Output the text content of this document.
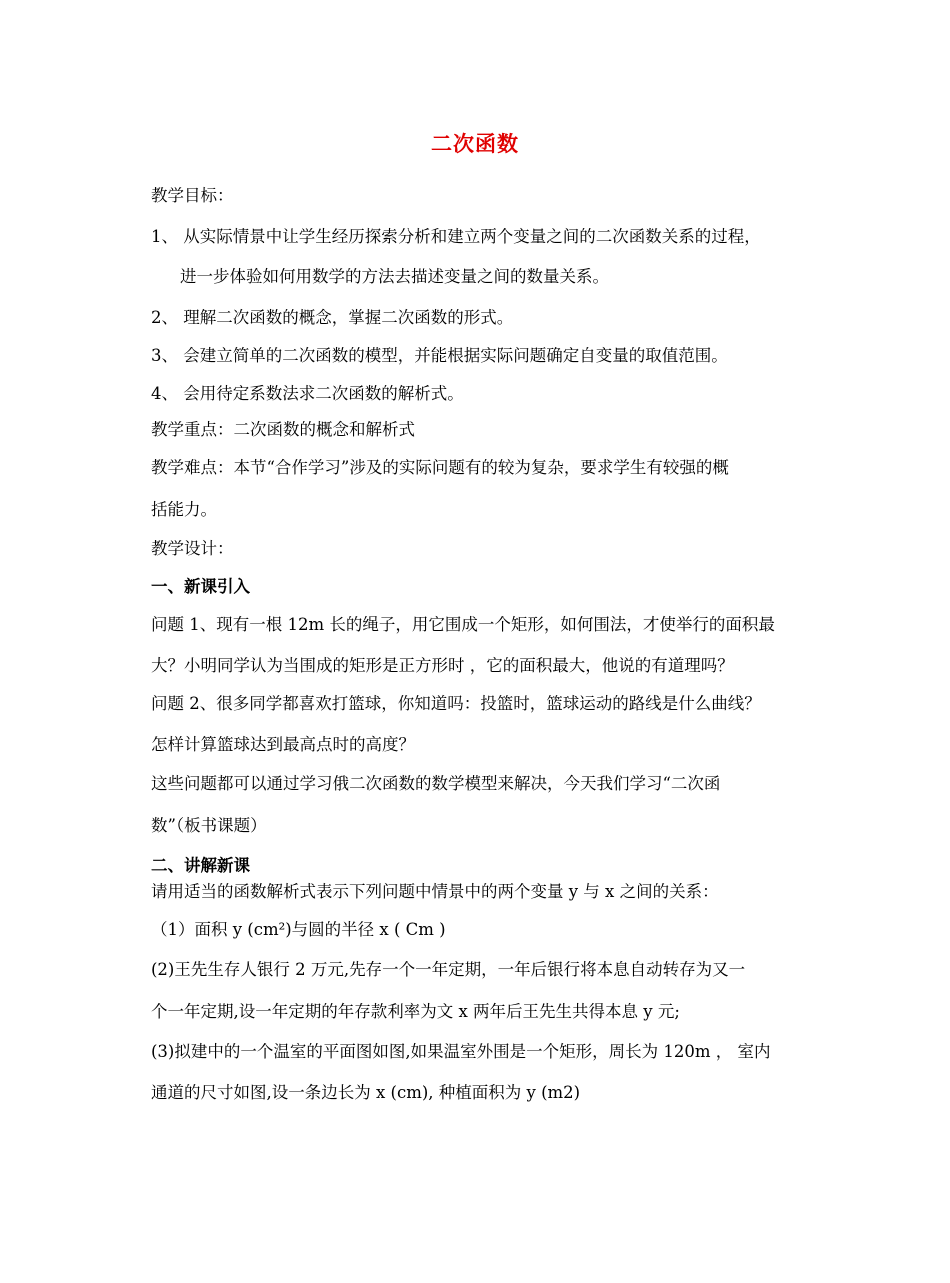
二次函数
教学目标：
1、 从实际情景中让学生经历探索分析和建立两个变量之间的二次函数关系的过程，
进一步体验如何用数学的方法去描述变量之间的数量关系。
2、 理解二次函数的概念，掌握二次函数的形式。
3、 会建立简单的二次函数的模型，并能根据实际问题确定自变量的取值范围。
4、 会用待定系数法求二次函数的解析式。
教学重点：二次函数的概念和解析式
教学难点：本节“合作学习”涉及的实际问题有的较为复杂，要求学生有较强的概
括能力。
教学设计：
一、新课引入
问题 1、现有一根 12m 长的绳子，用它围成一个矩形，如何围法，才使举行的面积最
大？小明同学认为当围成的矩形是正方形时 ，它的面积最大，他说的有道理吗？
问题 2、很多同学都喜欢打篮球，你知道吗：投篮时，篮球运动的路线是什么曲线？
怎样计算篮球达到最高点时的高度？
这些问题都可以通过学习俄二次函数的数学模型来解决，今天我们学习“二次函
数”（板书课题）
二、讲解新课
请用适当的函数解析式表示下列问题中情景中的两个变量 y 与 x 之间的关系：
（1）面积 y (cm²)与圆的半径 x ( Cm )
(2)王先生存人银行 2 万元,先存一个一年定期，一年后银行将本息自动转存为又一
个一年定期,设一年定期的年存款利率为文 x 两年后王先生共得本息 y 元;
(3)拟建中的一个温室的平面图如图,如果温室外围是一个矩形，周长为 120m ， 室内
通道的尺寸如图,设一条边长为 x (cm), 种植面积为 y (m2)
